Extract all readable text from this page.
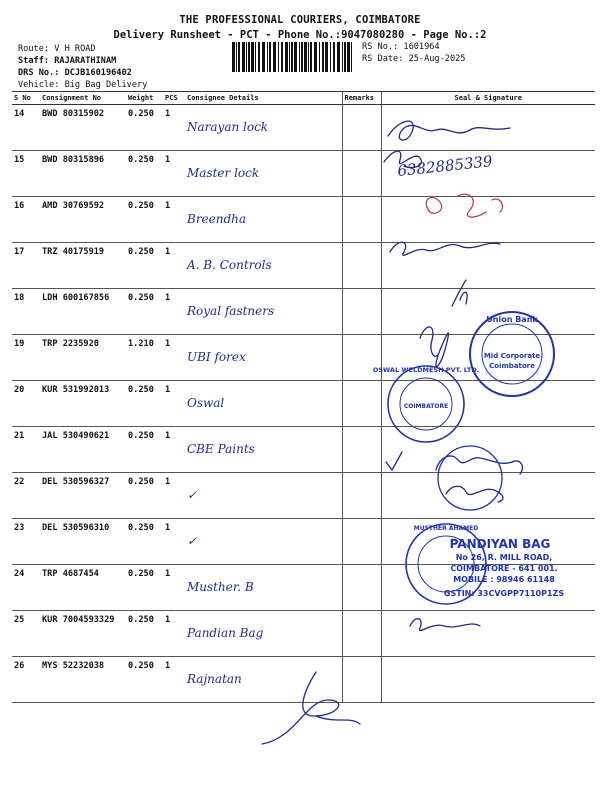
THE PROFESSIONAL COURIERS, COIMBATORE
Delivery Runsheet - PCT - Phone No.:9047080280 - Page No.:2
Route: V H ROAD
Staff: RAJARATHINAM
DRS No.: DCJB160196402
Vehicle: Big Bag Delivery
RS No.: 1601964
RS Date: 25-Aug-2025
S No	Consignment No	Weight	PCS	Consignee Details	Remarks	Seal & Signature
14	BWD 80315902	0.250	1	Narayan lock		
15	BWD 80315896	0.250	1	Master lock		
16	AMD 30769592	0.250	1	Breendha		
17	TRZ 40175919	0.250	1	A. B. Controls		
18	LDH 600167856	0.250	1	Royal fastners		
19	TRP 2235920	1.210	1	UBI forex		
20	KUR 531992013	0.250	1	Oswal		
21	JAL 530490621	0.250	1	CBE Paints		
22	DEL 530596327	0.250	1	✓		
23	DEL 530596310	0.250	1	✓		
24	TRP 4687454	0.250	1	Musther. B		
25	KUR 7004593329	0.250	1	Pandian Bag		
26	MYS 52232038	0.250	1	Rajnatan		
6382885339
Union Bank
Mid Corporate
Coimbatore
OSWAL WELDMESH PVT. LTD.
COIMBATORE
MUSTHER AHAMED
PANDIYAN BAG
No 26, R. MILL ROAD,
COIMBATORE - 641 001.
MOBILE : 98946 61148
GSTIN: 33CVGPP7110P1ZS
